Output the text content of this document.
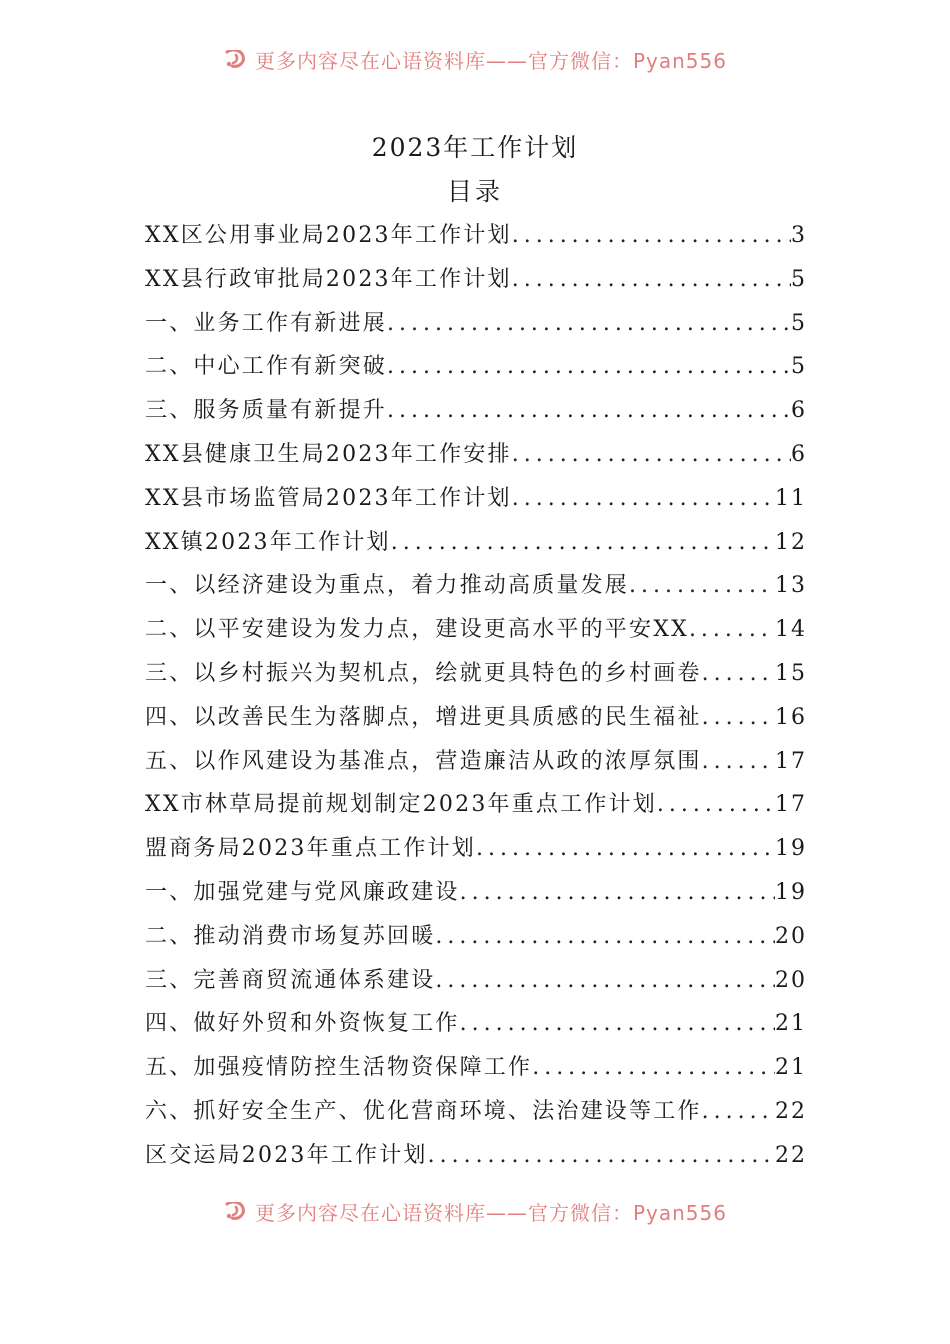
更多内容尽在心语资料库——官方微信：Pyan556
2023年工作计划
目录
XX区公用事业局2023年工作计划 .....	3
XX县行政审批局2023年工作计划 .....	5
一、业务工作有新进展 .....	5
二、中心工作有新突破 .....	5
三、服务质量有新提升 .....	6
XX县健康卫生局2023年工作安排 .....	6
XX县市场监管局2023年工作计划 .....	11
XX镇2023年工作计划 .....	12
一、以经济建设为重点，着力推动高质量发展 .....	13
二、以平安建设为发力点，建设更高水平的平安XX .....	14
三、以乡村振兴为契机点，绘就更具特色的乡村画卷 .....	15
四、以改善民生为落脚点，增进更具质感的民生福祉 .....	16
五、以作风建设为基准点，营造廉洁从政的浓厚氛围 .....	17
XX市林草局提前规划制定2023年重点工作计划 .....	17
盟商务局2023年重点工作计划 .....	19
一、加强党建与党风廉政建设 .....	19
二、推动消费市场复苏回暖 .....	20
三、完善商贸流通体系建设 .....	20
四、做好外贸和外资恢复工作 .....	21
五、加强疫情防控生活物资保障工作 .....	21
六、抓好安全生产、优化营商环境、法治建设等工作 .....	22
区交运局2023年工作计划 .....	22
更多内容尽在心语资料库——官方微信：Pyan556
